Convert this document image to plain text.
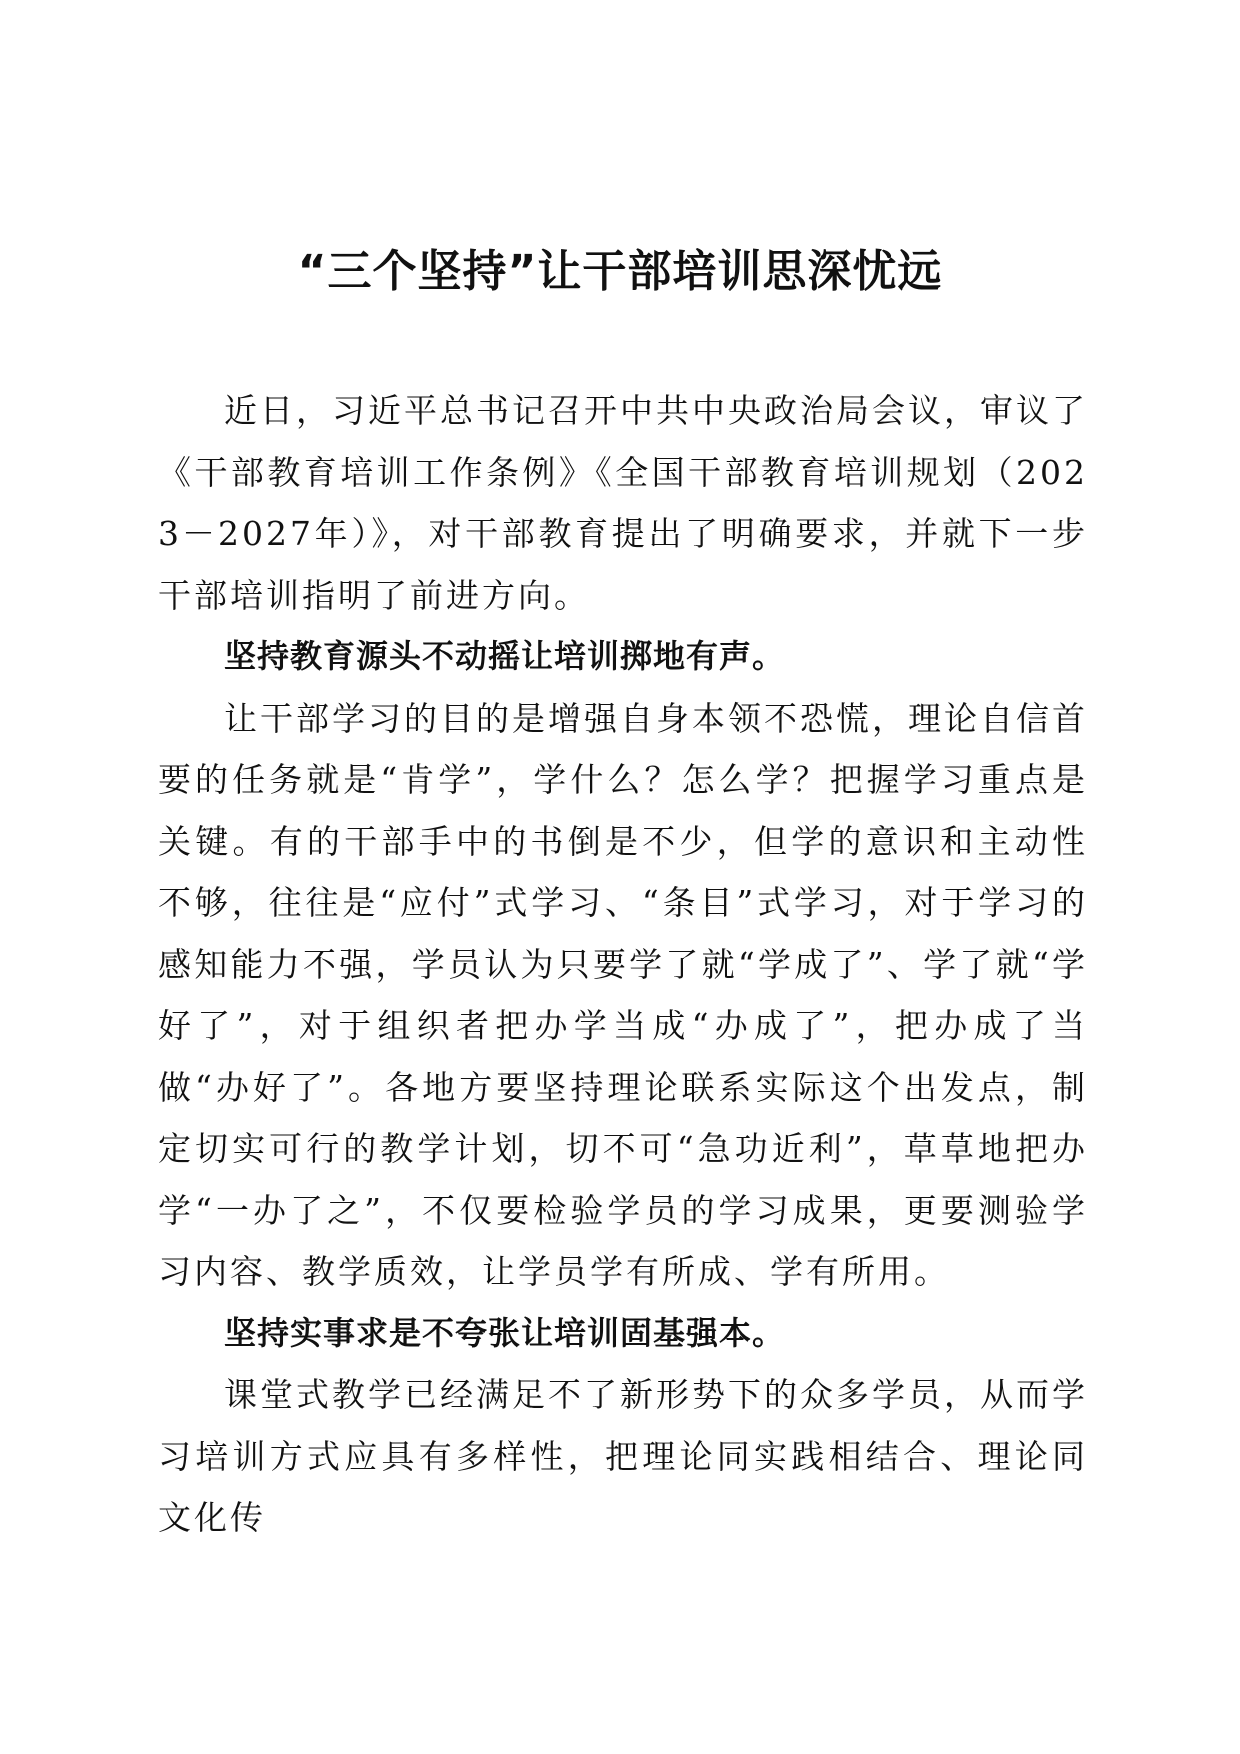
“三个坚持”让干部培训思深忧远

近日，习近平总书记召开中共中央政治局会议，审议了《干部教育培训工作条例》《全国干部教育培训规划（2023－2027年）》，对干部教育提出了明确要求，并就下一步干部培训指明了前进方向。

坚持教育源头不动摇让培训掷地有声。

让干部学习的目的是增强自身本领不恐慌，理论自信首要的任务就是“肯学”，学什么？怎么学？把握学习重点是关键。有的干部手中的书倒是不少，但学的意识和主动性不够，往往是“应付”式学习、“条目”式学习，对于学习的感知能力不强，学员认为只要学了就“学成了”、学了就“学好了”，对于组织者把办学当成“办成了”，把办成了当做“办好了”。各地方要坚持理论联系实际这个出发点，制定切实可行的教学计划，切不可“急功近利”，草草地把办学“一办了之”，不仅要检验学员的学习成果，更要测验学习内容、教学质效，让学员学有所成、学有所用。

坚持实事求是不夸张让培训固基强本。

课堂式教学已经满足不了新形势下的众多学员，从而学习培训方式应具有多样性，把理论同实践相结合、理论同文化传
